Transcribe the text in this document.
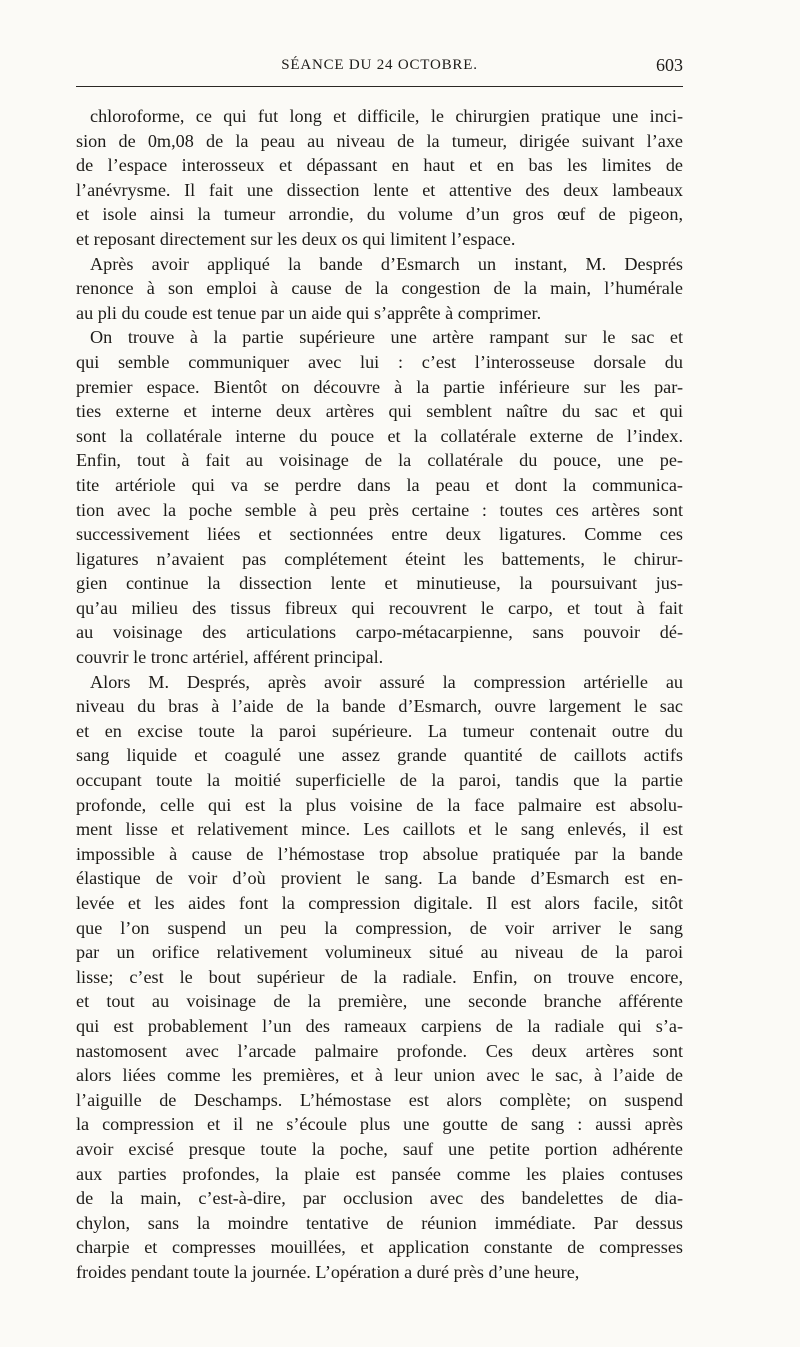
SÉANCE DU 24 OCTOBRE.	603
chloroforme, ce qui fut long et difficile, le chirurgien pratique une inci-
sion de 0m,08 de la peau au niveau de la tumeur, dirigée suivant l’axe
de l’espace interosseux et dépassant en haut et en bas les limites de
l’anévrysme. Il fait une dissection lente et attentive des deux lambeaux
et isole ainsi la tumeur arrondie, du volume d’un gros œuf de pigeon,
et reposant directement sur les deux os qui limitent l’espace.
Après avoir appliqué la bande d’Esmarch un instant, M. Després
renonce à son emploi à cause de la congestion de la main, l’humérale
au pli du coude est tenue par un aide qui s’apprête à comprimer.
On trouve à la partie supérieure une artère rampant sur le sac et
qui semble communiquer avec lui : c’est l’interosseuse dorsale du
premier espace. Bientôt on découvre à la partie inférieure sur les par-
ties externe et interne deux artères qui semblent naître du sac et qui
sont la collatérale interne du pouce et la collatérale externe de l’index.
Enfin, tout à fait au voisinage de la collatérale du pouce, une pe-
tite artériole qui va se perdre dans la peau et dont la communica-
tion avec la poche semble à peu près certaine : toutes ces artères sont
successivement liées et sectionnées entre deux ligatures. Comme ces
ligatures n’avaient pas complétement éteint les battements, le chirur-
gien continue la dissection lente et minutieuse, la poursuivant jus-
qu’au milieu des tissus fibreux qui recouvrent le carpo, et tout à fait
au voisinage des articulations carpo-métacarpienne, sans pouvoir dé-
couvrir le tronc artériel, afférent principal.
Alors M. Després, après avoir assuré la compression artérielle au
niveau du bras à l’aide de la bande d’Esmarch, ouvre largement le sac
et en excise toute la paroi supérieure. La tumeur contenait outre du
sang liquide et coagulé une assez grande quantité de caillots actifs
occupant toute la moitié superficielle de la paroi, tandis que la partie
profonde, celle qui est la plus voisine de la face palmaire est absolu-
ment lisse et relativement mince. Les caillots et le sang enlevés, il est
impossible à cause de l’hémostase trop absolue pratiquée par la bande
élastique de voir d’où provient le sang. La bande d’Esmarch est en-
levée et les aides font la compression digitale. Il est alors facile, sitôt
que l’on suspend un peu la compression, de voir arriver le sang
par un orifice relativement volumineux situé au niveau de la paroi
lisse; c’est le bout supérieur de la radiale. Enfin, on trouve encore,
et tout au voisinage de la première, une seconde branche afférente
qui est probablement l’un des rameaux carpiens de la radiale qui s’a-
nastomosent avec l’arcade palmaire profonde. Ces deux artères sont
alors liées comme les premières, et à leur union avec le sac, à l’aide de
l’aiguille de Deschamps. L’hémostase est alors complète; on suspend
la compression et il ne s’écoule plus une goutte de sang : aussi après
avoir excisé presque toute la poche, sauf une petite portion adhérente
aux parties profondes, la plaie est pansée comme les plaies contuses
de la main, c’est-à-dire, par occlusion avec des bandelettes de dia-
chylon, sans la moindre tentative de réunion immédiate. Par dessus
charpie et compresses mouillées, et application constante de compresses
froides pendant toute la journée. L’opération a duré près d’une heure,
